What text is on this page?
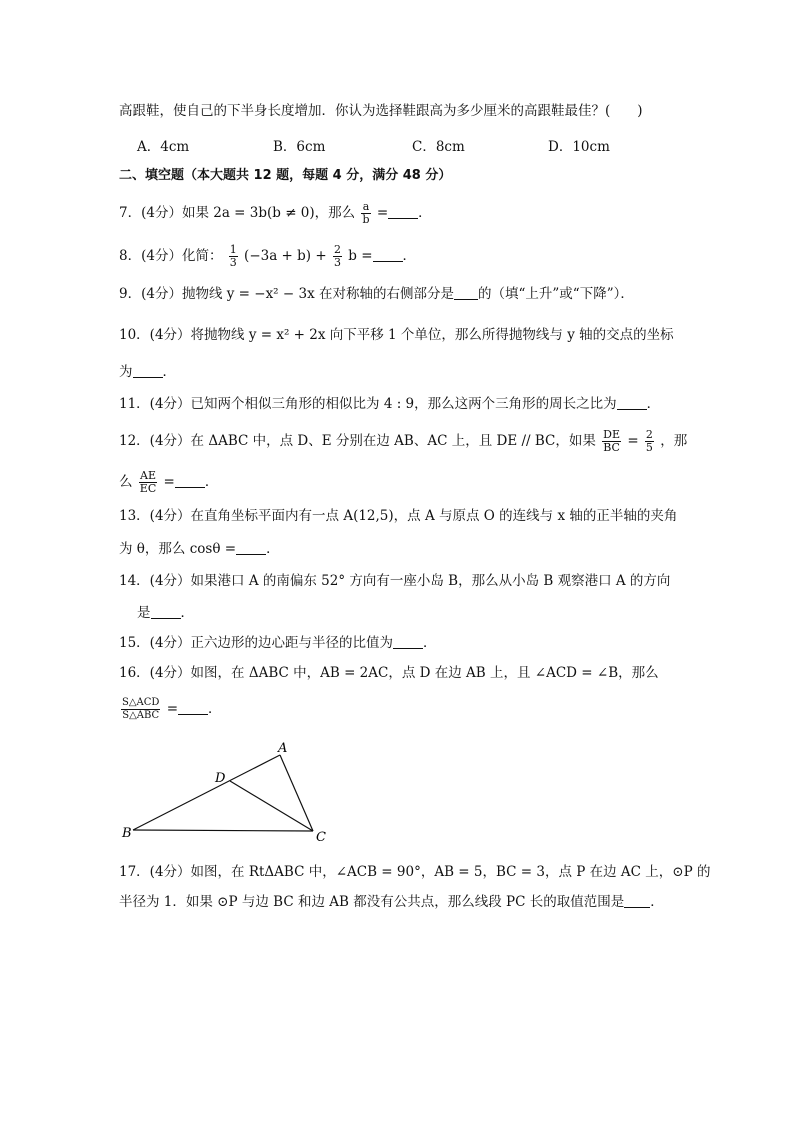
高跟鞋，使自己的下半身长度增加．你认为选择鞋跟高为多少厘米的高跟鞋最佳？(　　)
A．4cm	B．6cm	C．8cm	D．10cm
二、填空题（本大题共 12 题，每题 4 分，满分 48 分）
7．(4分）如果 2a = 3b(b ≠ 0)，那么 $\frac{a}{b}$ = ．
8．(4分）化简： $\frac{1}{3} (-3a + b) + \frac{2}{3}$ b = ．
9．(4分）抛物线 y = −x² − 3x 在对称轴的右侧部分是 的（填“上升”或“下降”）．
10．(4分）将抛物线 y = x² + 2x 向下平移 1 个单位，那么所得抛物线与 y 轴的交点的坐标
为 ．
11．(4分）已知两个相似三角形的相似比为 4 : 9，那么这两个三角形的周长之比为 ．
12．(4分）在 ΔABC 中，点 D、E 分别在边 AB、AC 上，且 DE // BC，如果 $\frac{DE}{BC} = \frac{2}{5}$ ，那
么 $\frac{AE}{EC}$ = ．
13．(4分）在直角坐标平面内有一点 A(12,5)，点 A 与原点 O 的连线与 x 轴的正半轴的夹角
为 θ，那么 cosθ = ．
14．(4分）如果港口 A 的南偏东 52° 方向有一座小岛 B，那么从小岛 B 观察港口 A 的方向
是 ．
15．(4分）正六边形的边心距与半径的比值为 ．
16．(4分）如图，在 ΔABC 中，AB = 2AC，点 D 在边 AB 上，且 ∠ACD = ∠B，那么
$\frac{\text{S△ACD}}{\text{S△ABC}}$ = ．
A
B	C
D
17．(4分）如图，在 RtΔABC 中，∠ACB = 90°，AB = 5，BC = 3，点 P 在边 AC 上，⊙P 的
半径为 1．如果 ⊙P 与边 BC 和边 AB 都没有公共点，那么线段 PC 长的取值范围是 ．
